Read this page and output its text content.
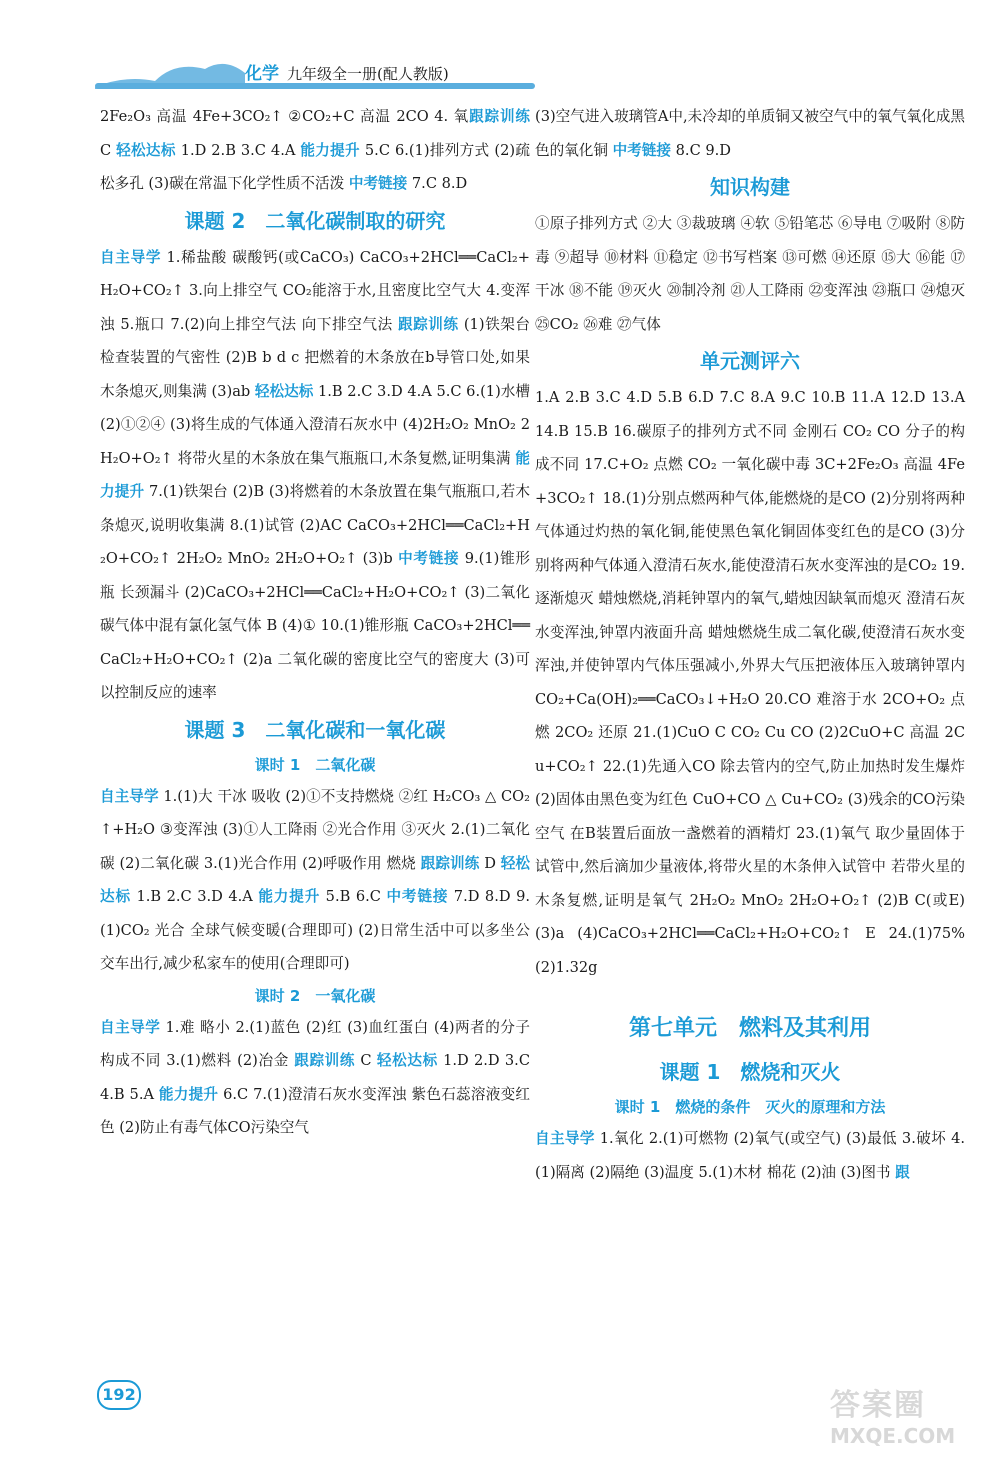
化学 九年级全一册(配人教版)

2Fe₂O₃ 高温 4Fe+3CO₂↑ ②CO₂+C 高温 2CO 4. 氧跟踪训练 C 轻松达标 1.D 2.B 3.C 4.A 能力提升 5.C 6.(1)排列方式 (2)疏松多孔 (3)碳在常温下化学性质不活泼 中考链接 7.C 8.D

课题 2　二氧化碳制取的研究

自主导学 1.稀盐酸 碳酸钙(或CaCO₃) CaCO₃+2HCl══CaCl₂+H₂O+CO₂↑ 3.向上排空气 CO₂能溶于水,且密度比空气大 4.变浑浊 5.瓶口 7.(2)向上排空气法 向下排空气法 跟踪训练 (1)铁架台 检查装置的气密性 (2)B b d c 把燃着的木条放在b导管口处,如果木条熄灭,则集满 (3)ab 轻松达标 1.B 2.C 3.D 4.A 5.C 6.(1)水槽 (2)①②④ (3)将生成的气体通入澄清石灰水中 (4)2H₂O₂ MnO₂ 2H₂O+O₂↑ 将带火星的木条放在集气瓶瓶口,木条复燃,证明集满 能力提升 7.(1)铁架台 (2)B (3)将燃着的木条放置在集气瓶瓶口,若木条熄灭,说明收集满 8.(1)试管 (2)AC CaCO₃+2HCl══CaCl₂+H₂O+CO₂↑ 2H₂O₂ MnO₂ 2H₂O+O₂↑ (3)b 中考链接 9.(1)锥形瓶 长颈漏斗 (2)CaCO₃+2HCl══CaCl₂+H₂O+CO₂↑ (3)二氧化碳气体中混有氯化氢气体 B (4)① 10.(1)锥形瓶 CaCO₃+2HCl══CaCl₂+H₂O+CO₂↑ (2)a 二氧化碳的密度比空气的密度大 (3)可以控制反应的速率

课题 3　二氧化碳和一氧化碳

课时 1　二氧化碳

自主导学 1.(1)大 干冰 吸收 (2)①不支持燃烧 ②红 H₂CO₃ △ CO₂↑+H₂O ③变浑浊 (3)①人工降雨 ②光合作用 ③灭火 2.(1)二氧化碳 (2)二氧化碳 3.(1)光合作用 (2)呼吸作用 燃烧 跟踪训练 D 轻松达标 1.B 2.C 3.D 4.A 能力提升 5.B 6.C 中考链接 7.D 8.D 9.(1)CO₂ 光合 全球气候变暖(合理即可) (2)日常生活中可以多坐公交车出行,减少私家车的使用(合理即可)

课时 2　一氧化碳

自主导学 1.难 略小 2.(1)蓝色 (2)红 (3)血红蛋白 (4)两者的分子构成不同 3.(1)燃料 (2)冶金 跟踪训练 C 轻松达标 1.D 2.D 3.C 4.B 5.A 能力提升 6.C 7.(1)澄清石灰水变浑浊 紫色石蕊溶液变红色 (2)防止有毒气体CO污染空气

(3)空气进入玻璃管A中,未冷却的单质铜又被空气中的氧气氧化成黑色的氧化铜 中考链接 8.C 9.D

知识构建

①原子排列方式 ②大 ③裁玻璃 ④软 ⑤铅笔芯 ⑥导电 ⑦吸附 ⑧防毒 ⑨超导 ⑩材料 ⑪稳定 ⑫书写档案 ⑬可燃 ⑭还原 ⑮大 ⑯能 ⑰干冰 ⑱不能 ⑲灭火 ⑳制冷剂 ㉑人工降雨 ㉒变浑浊 ㉓瓶口 ㉔熄灭 ㉕CO₂ ㉖难 ㉗气体

单元测评六

1.A 2.B 3.C 4.D 5.B 6.D 7.C 8.A 9.C 10.B 11.A 12.D 13.A 14.B 15.B 16.碳原子的排列方式不同 金刚石 CO₂ CO 分子的构成不同 17.C+O₂ 点燃 CO₂ 一氧化碳中毒 3C+2Fe₂O₃ 高温 4Fe+3CO₂↑ 18.(1)分别点燃两种气体,能燃烧的是CO (2)分别将两种气体通过灼热的氧化铜,能使黑色氧化铜固体变红色的是CO (3)分别将两种气体通入澄清石灰水,能使澄清石灰水变浑浊的是CO₂ 19.逐渐熄灭 蜡烛燃烧,消耗钟罩内的氧气,蜡烛因缺氧而熄灭 澄清石灰水变浑浊,钟罩内液面升高 蜡烛燃烧生成二氧化碳,使澄清石灰水变浑浊,并使钟罩内气体压强减小,外界大气压把液体压入玻璃钟罩内 CO₂+Ca(OH)₂══CaCO₃↓+H₂O 20.CO 难溶于水 2CO+O₂ 点燃 2CO₂ 还原 21.(1)CuO C CO₂ Cu CO (2)2CuO+C 高温 2Cu+CO₂↑ 22.(1)先通入CO 除去管内的空气,防止加热时发生爆炸 (2)固体由黑色变为红色 CuO+CO △ Cu+CO₂ (3)残余的CO污染空气 在B装置后面放一盏燃着的酒精灯 23.(1)氧气 取少量固体于试管中,然后滴加少量液体,将带火星的木条伸入试管中 若带火星的木条复燃,证明是氧气 2H₂O₂ MnO₂ 2H₂O+O₂↑ (2)B C(或E) (3)a (4)CaCO₃+2HCl══CaCl₂+H₂O+CO₂↑ E 24.(1)75% (2)1.32g

第七单元　燃料及其利用

课题 1　燃烧和灭火

课时 1　燃烧的条件　灭火的原理和方法

自主导学 1.氧化 2.(1)可燃物 (2)氧气(或空气) (3)最低 3.破坏 4.(1)隔离 (2)隔绝 (3)温度 5.(1)木材 棉花 (2)油 (3)图书 跟

192	答案圈
MXQE.COM
